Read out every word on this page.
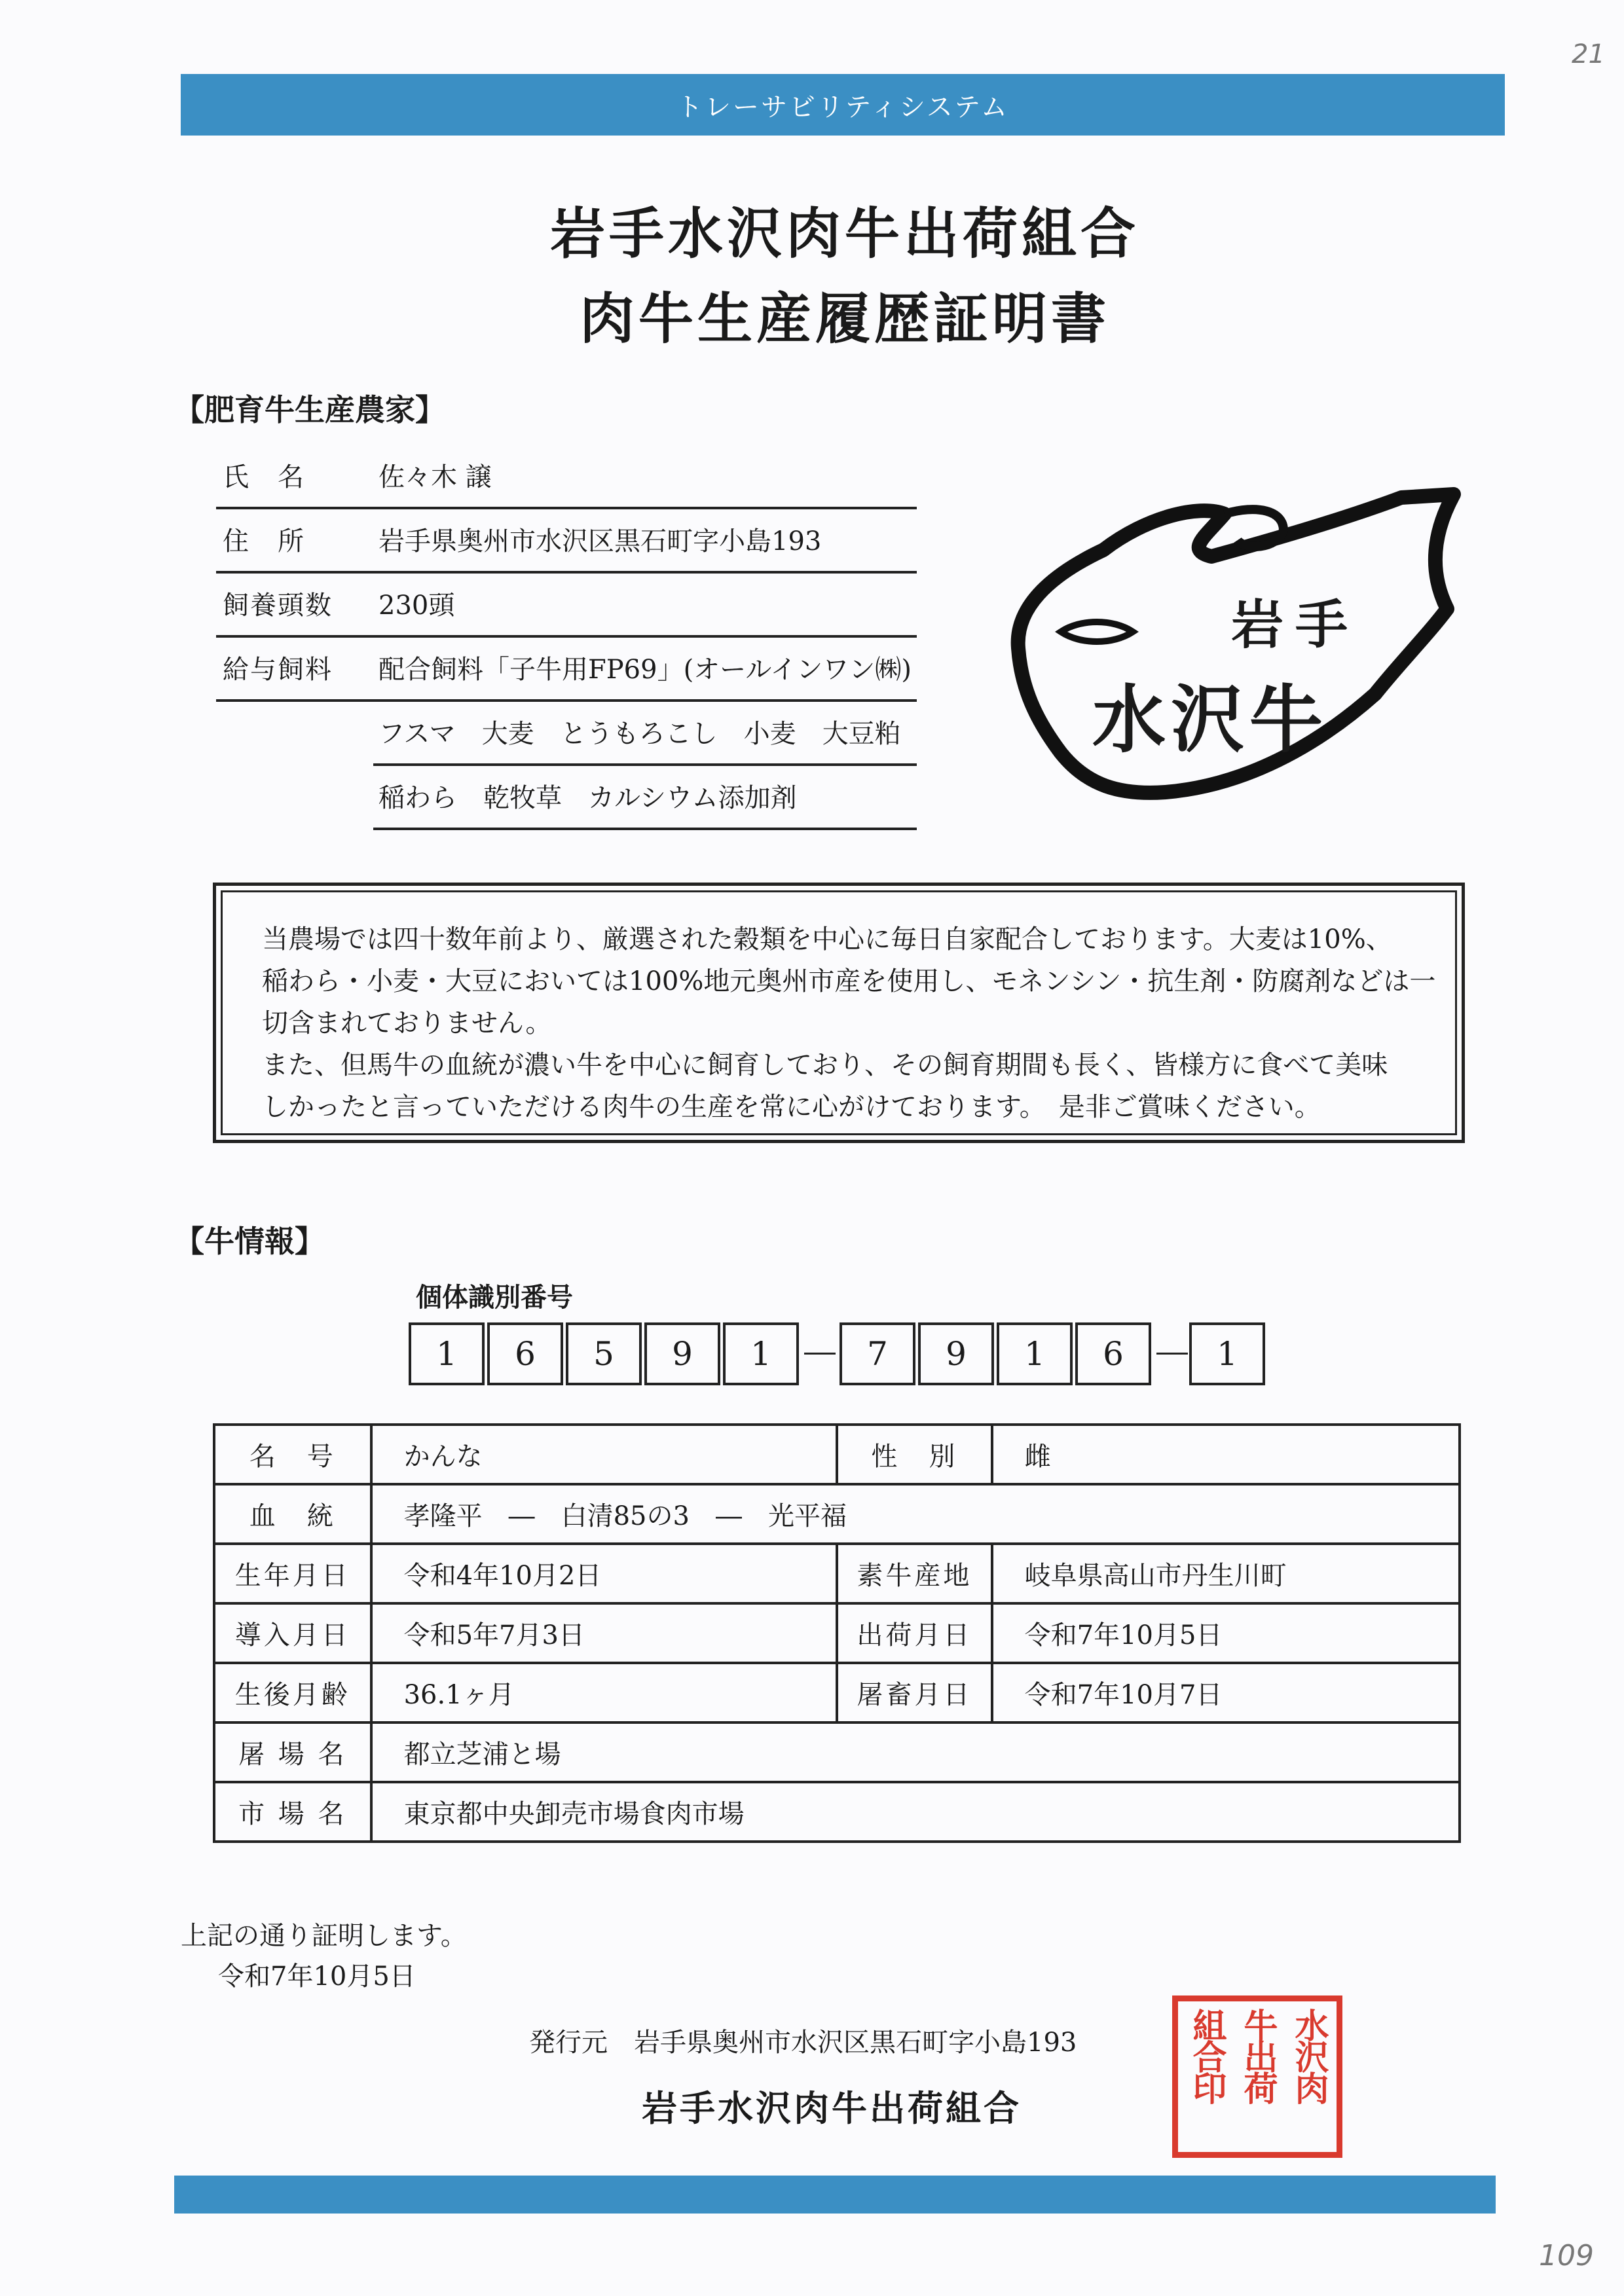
21
トレーサビリティシステム
岩手水沢肉牛出荷組合
肉牛生産履歴証明書
【肥育牛生産農家】
氏　名	佐々木 譲
住　所	岩手県奥州市水沢区黒石町字小島193
飼養頭数 230頭
給与飼料 配合飼料「子牛用FP69」(オールインワン㈱)
フスマ　大麦　とうもろこし　小麦　大豆粕
稲わら　乾牧草　カルシウム添加剤
岩手
水沢牛
当農場では四十数年前より、厳選された穀類を中心に毎日自家配合しております。大麦は10%、
稲わら・小麦・大豆においては100%地元奥州市産を使用し、モネンシン・抗生剤・防腐剤などは一
切含まれておりません。
また、但馬牛の血統が濃い牛を中心に飼育しており、その飼育期間も長く、皆様方に食べて美味
しかったと言っていただける肉牛の生産を常に心がけております。　是非ご賞味ください。
【牛情報】
個体識別番号
1	6	5	9	1	7	9	1	6	1
名　号	かんな	性　別	雌
血　統	孝隆平　―　白清85の3　―　光平福		
生年月日	令和4年10月2日	素牛産地	岐阜県高山市丹生川町
導入月日	令和5年7月3日	出荷月日	令和7年10月5日
生後月齢	36.1ヶ月	屠畜月日	令和7年10月7日
屠 場 名	都立芝浦と場		
市 場 名	東京都中央卸売市場食肉市場		
上記の通り証明します。
令和7年10月5日
発行元 岩手県奥州市水沢区黒石町字小島193
岩手水沢肉牛出荷組合
水沢肉
牛出荷
組合印
109
